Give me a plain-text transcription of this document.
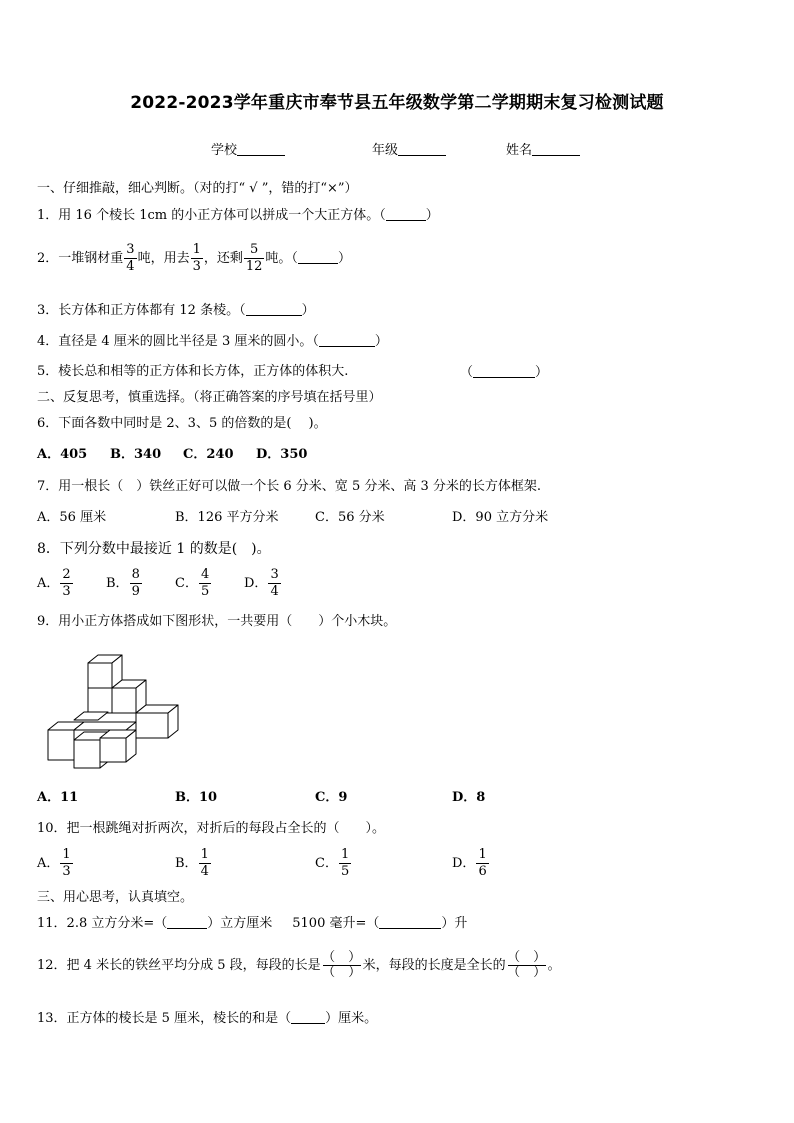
2022-2023学年重庆市奉节县五年级数学第二学期期末复习检测试题
学校	年级	姓名
一、仔细推敲，细心判断。（对的打“ √ ”，错的打“×”）
1．用 16 个棱长 1cm 的小正方体可以拼成一个大正方体。（	）
2．一堆钢材重 $\frac{3}{4}$ 吨，用去 $\frac{1}{3}$ ，还剩 $\frac{5}{12}$ 吨。（	）
3．长方体和正方体都有 12 条棱。（	）
4．直径是 4 厘米的圆比半径是 3 厘米的圆小。（	）
5．棱长总和相等的正方体和长方体，正方体的体积大.	（	）
二、反复思考，慎重选择。（将正确答案的序号填在括号里）
6．下面各数中同时是 2、3、5 的倍数的是(　 )。
A．405 B．340 C．240 D．350
7．用一根长（　）铁丝正好可以做一个长 6 分米、宽 5 分米、高 3 分米的长方体框架.
A．56 厘米	B．126 平方分米	C．56 分米	D．90 立方分米
8．下列分数中最接近 1 的数是(　)。
A． $\frac{2}{3}$	B． $\frac{8}{9}$	C． $\frac{4}{5}$	D． $\frac{3}{4}$
9．用小正方体搭成如下图形状，一共要用（　　）个小木块。
A．11	B．10	C．9	D．8
10．把一根跳绳对折两次，对折后的每段占全长的（　　）。
A． $\frac{1}{3}$	B． $\frac{1}{4}$	C． $\frac{1}{5}$	D． $\frac{1}{6}$
三、用心思考，认真填空。
11．2.8 立方分米=（	）立方厘米 5100 毫升=（	）升
12．把 4 米长的铁丝平均分成 5 段，每段的长是
（　）
（　） 米，每段的长度是全长的
（　）
（　） 。
13．正方体的棱长是 5 厘米，棱长的和是（	）厘米。
